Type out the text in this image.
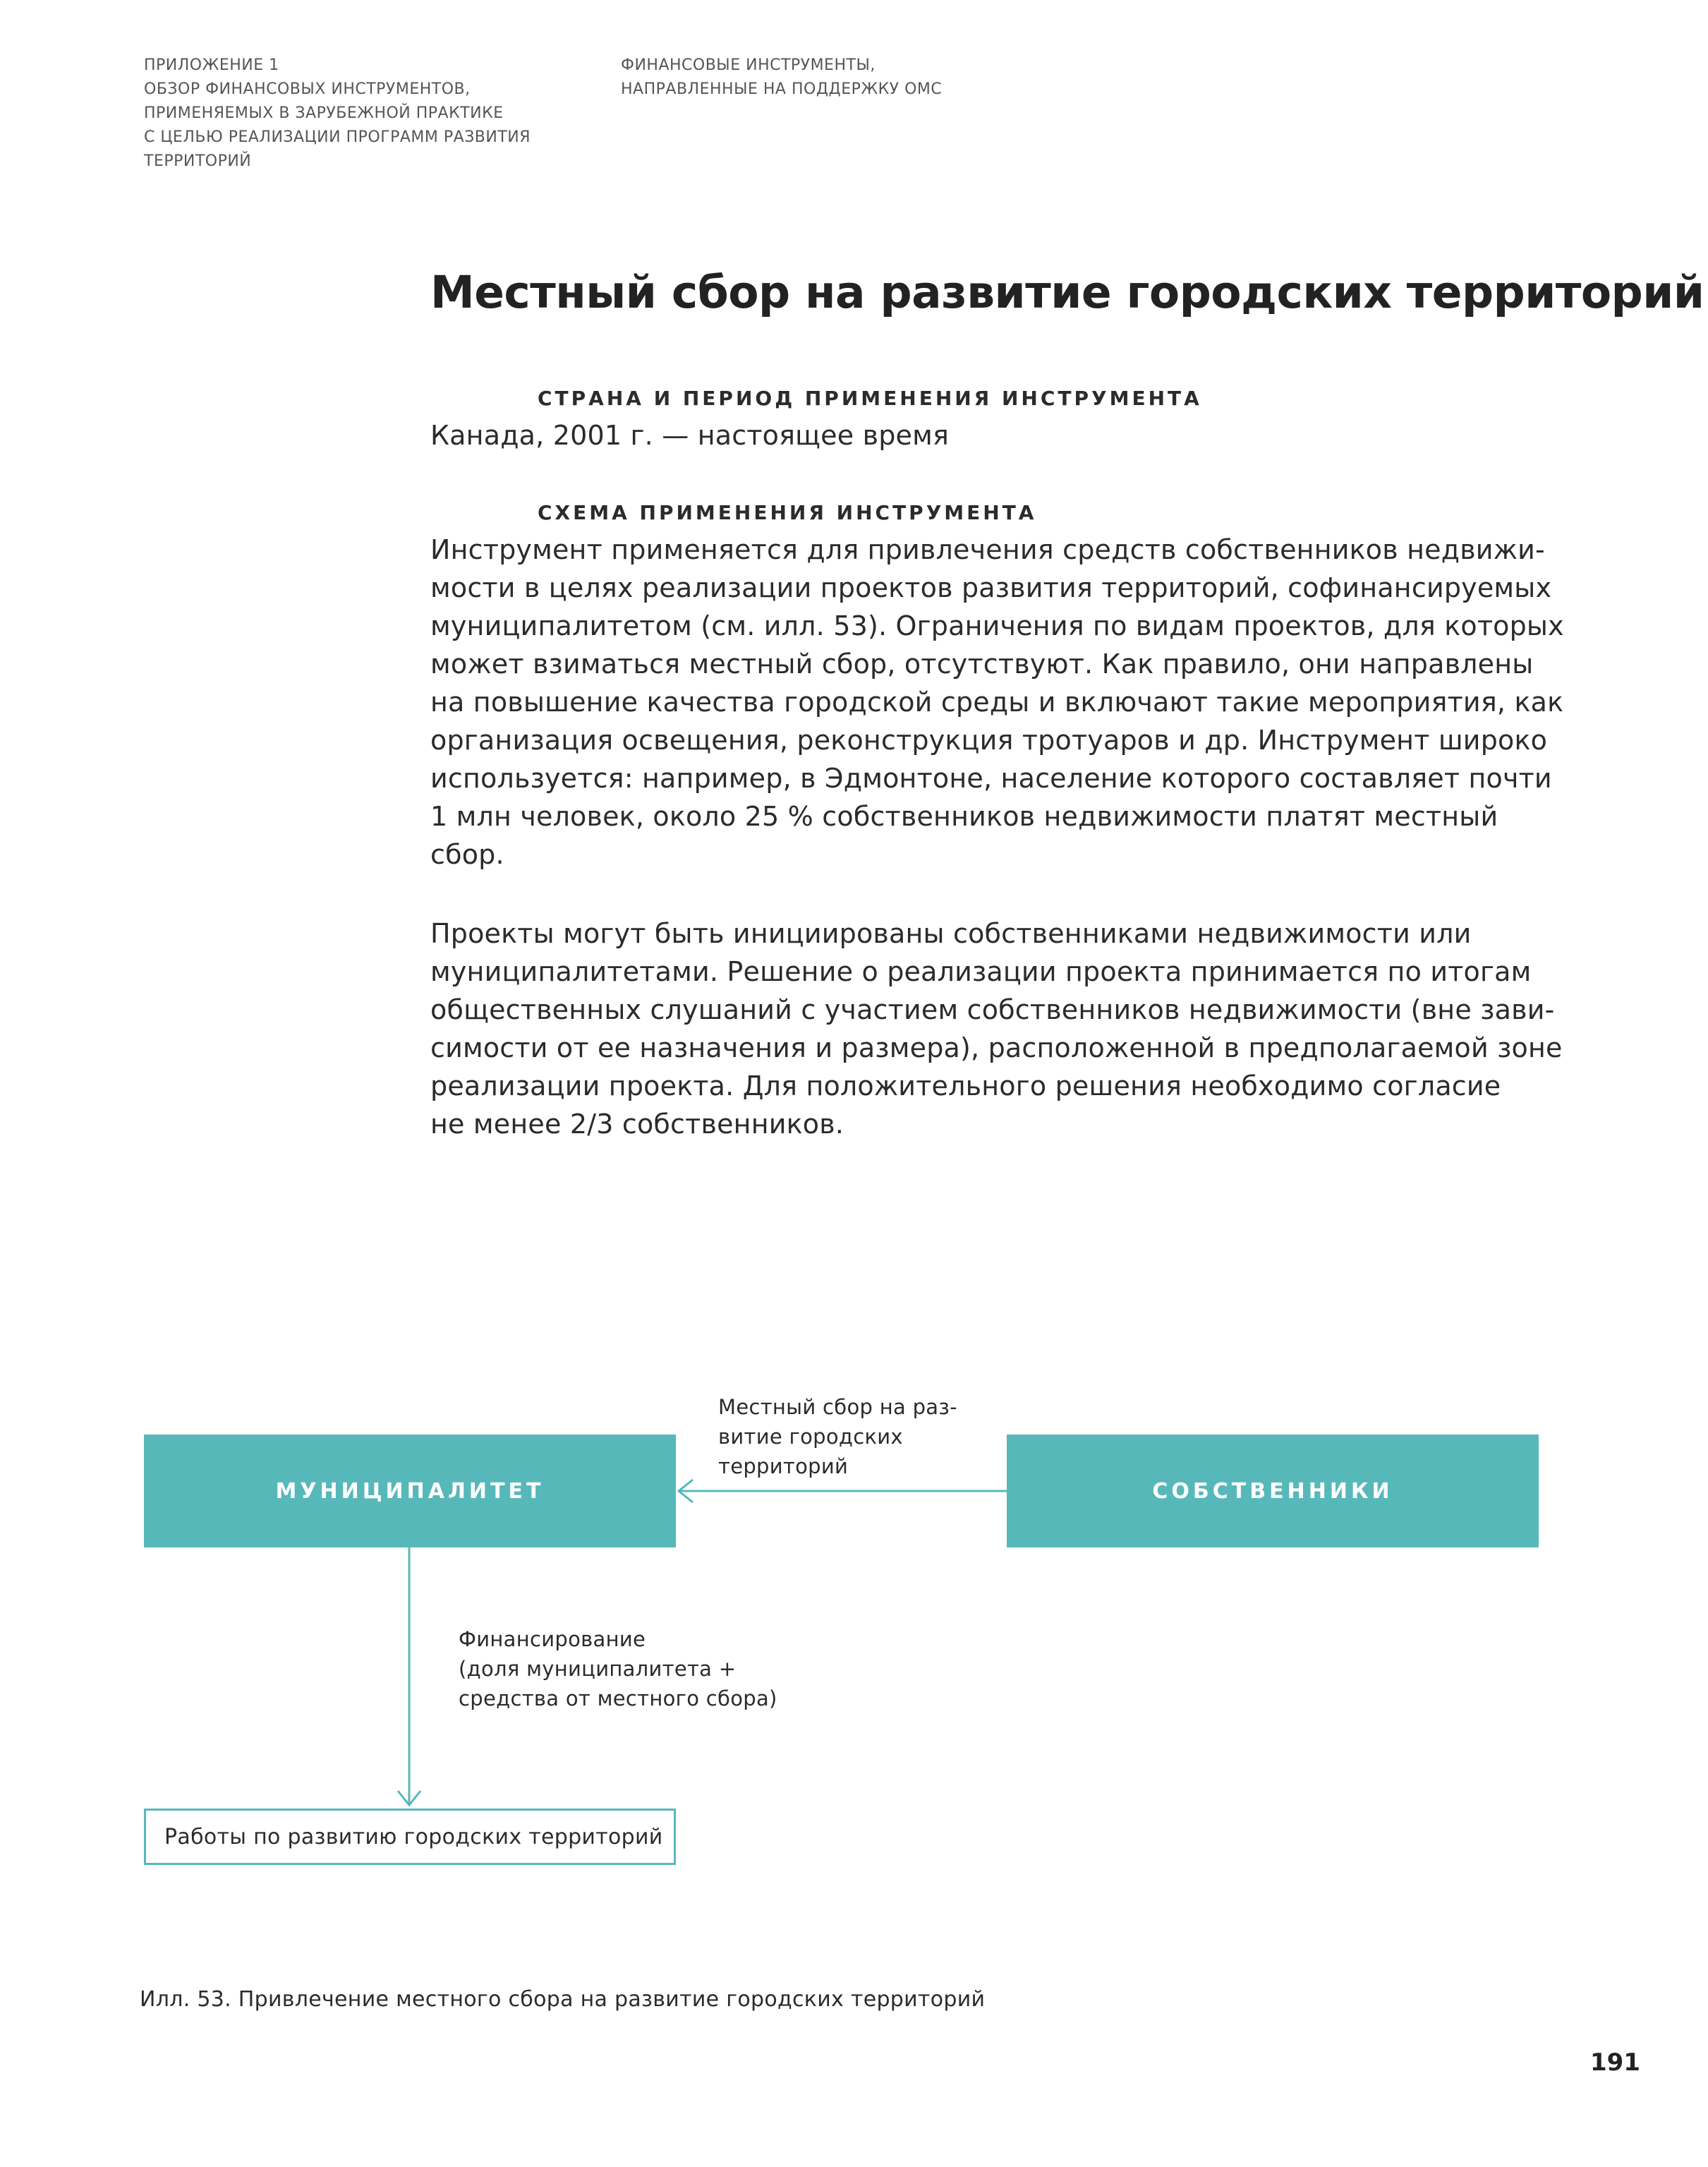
ПРИЛОЖЕНИЕ 1
ОБЗОР ФИНАНСОВЫХ ИНСТРУМЕНТОВ,
ПРИМЕНЯЕМЫХ В ЗАРУБЕЖНОЙ ПРАКТИКЕ
С ЦЕЛЬЮ РЕАЛИЗАЦИИ ПРОГРАММ РАЗВИТИЯ
ТЕРРИТОРИЙ
ФИНАНСОВЫЕ ИНСТРУМЕНТЫ,
НАПРАВЛЕННЫЕ НА ПОДДЕРЖКУ ОМС
Местный сбор на развитие городских территорий
СТРАНА И ПЕРИОД ПРИМЕНЕНИЯ ИНСТРУМЕНТА
Канада, 2001 г. — настоящее время
СХЕМА ПРИМЕНЕНИЯ ИНСТРУМЕНТА
Инструмент применяется для привлечения средств собственников недвижи-
мости в целях реализации проектов развития территорий, софинансируемых
муниципалитетом (см. илл. 53). Ограничения по видам проектов, для которых
может взиматься местный сбор, отсутствуют. Как правило, они направлены
на повышение качества городской среды и включают такие мероприятия, как
организация освещения, реконструкция тротуаров и др. Инструмент широко
используется: например, в Эдмонтоне, население которого составляет почти
1 млн человек, около 25 % собственников недвижимости платят местный
сбор.
Проекты могут быть инициированы собственниками недвижимости или
муниципалитетами. Решение о реализации проекта принимается по итогам
общественных слушаний с участием собственников недвижимости (вне зави-
симости от ее назначения и размера), расположенной в предполагаемой зоне
реализации проекта. Для положительного решения необходимо согласие
не менее 2/3 собственников.
МУНИЦИПАЛИТЕТ	СОБСТВЕННИКИ
Работы по развитию городских территорий
Местный сбор на раз-
витие городских
территорий
Финансирование
(доля муниципалитета +
средства от местного сбора)
Илл. 53. Привлечение местного сбора на развитие городских территорий
191
